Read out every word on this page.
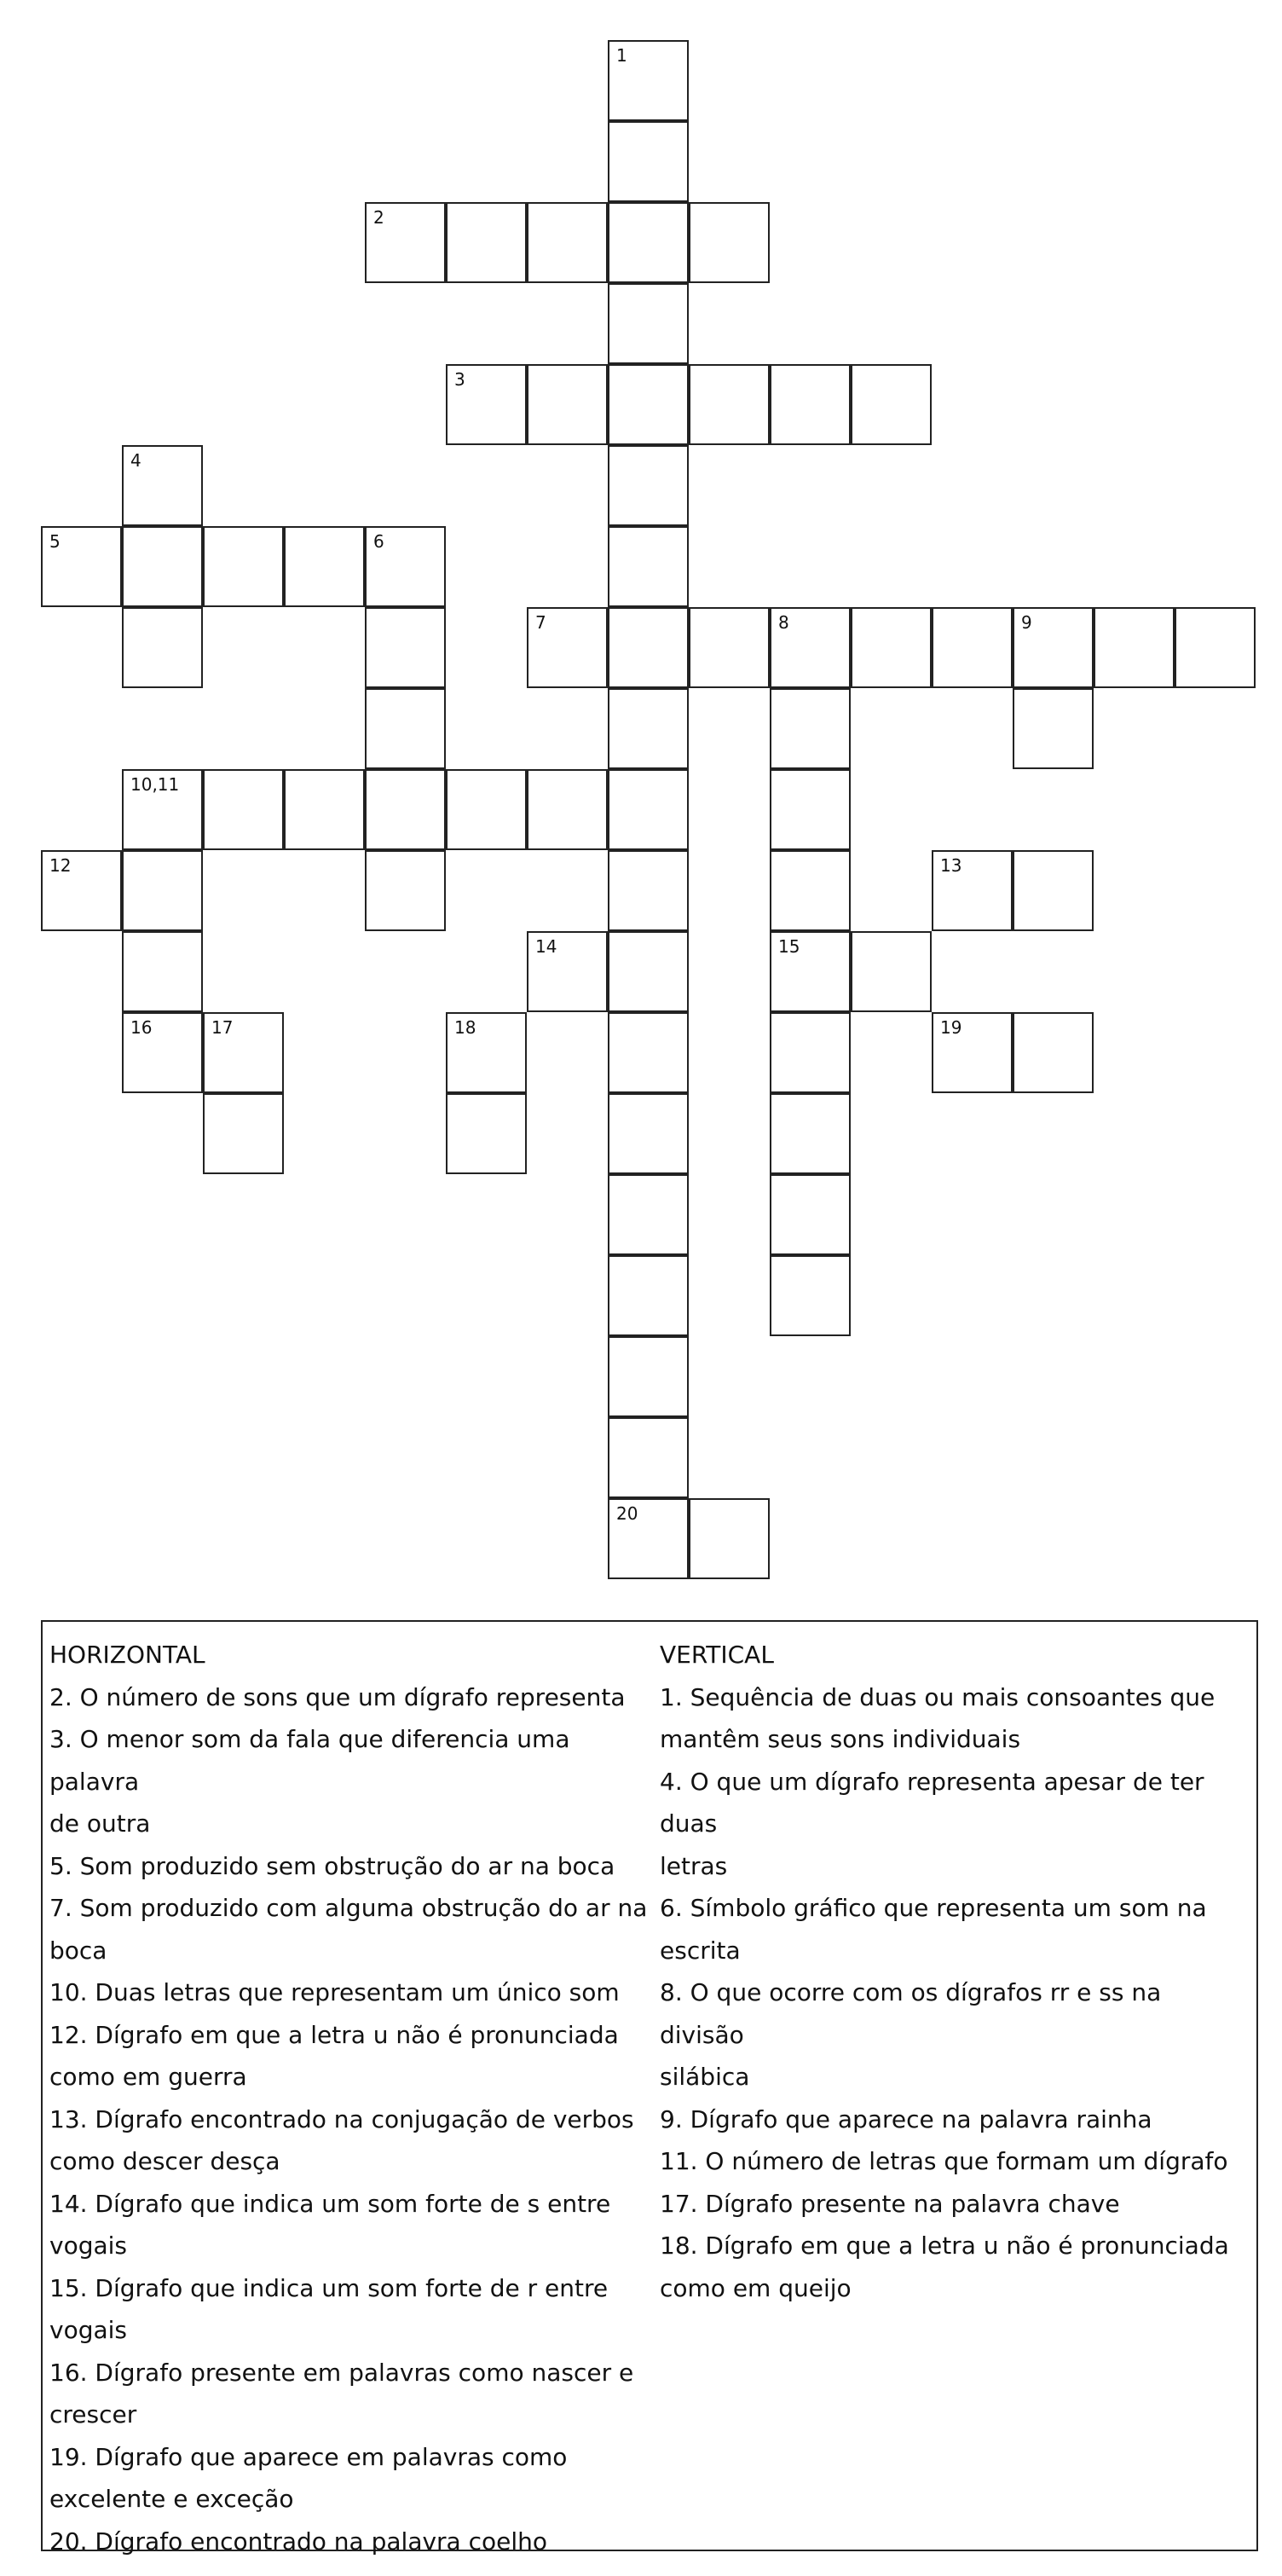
2
3
5	6
7	8	9
10,11
12	13
14	15
16	17	19
20
1
4
18
HORIZONTAL
2. O número de sons que um dígrafo representa
3. O menor som da fala que diferencia uma palavra
de outra
5. Som produzido sem obstrução do ar na boca
7. Som produzido com alguma obstrução do ar na
boca
10. Duas letras que representam um único som
12. Dígrafo em que a letra u não é pronunciada
como em guerra
13. Dígrafo encontrado na conjugação de verbos
como descer desça
14. Dígrafo que indica um som forte de s entre
vogais
15. Dígrafo que indica um som forte de r entre
vogais
16. Dígrafo presente em palavras como nascer e
crescer
19. Dígrafo que aparece em palavras como
excelente e exceção
20. Dígrafo encontrado na palavra coelho
VERTICAL
1. Sequência de duas ou mais consoantes que
mantêm seus sons individuais
4. O que um dígrafo representa apesar de ter duas
letras
6. Símbolo gráfico que representa um som na
escrita
8. O que ocorre com os dígrafos rr e ss na divisão
silábica
9. Dígrafo que aparece na palavra rainha
11. O número de letras que formam um dígrafo
17. Dígrafo presente na palavra chave
18. Dígrafo em que a letra u não é pronunciada
como em queijo
